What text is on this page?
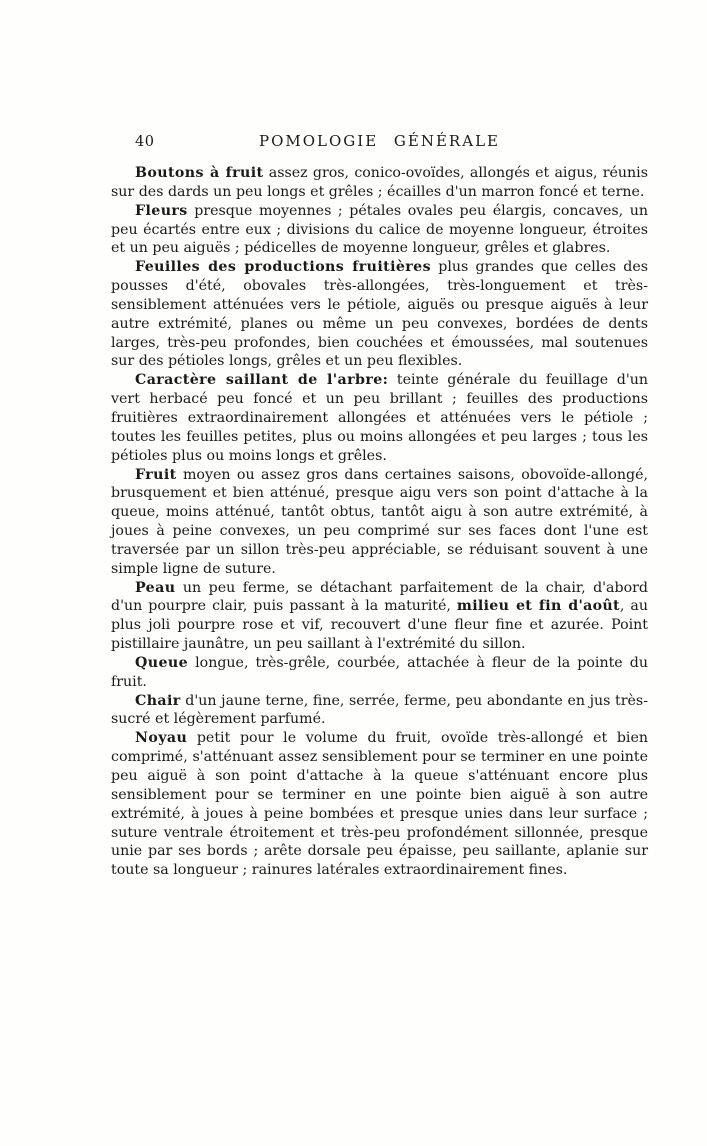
40	POMOLOGIE GÉNÉRALE

Boutons à fruit assez gros, conico-ovoïdes, allongés et aigus, réunis sur des dards un peu longs et grêles ; écailles d'un marron foncé et terne.

Fleurs presque moyennes ; pétales ovales peu élargis, concaves, un peu écartés entre eux ; divisions du calice de moyenne longueur, étroites et un peu aiguës ; pédicelles de moyenne longueur, grêles et glabres.

Feuilles des productions fruitières plus grandes que celles des pousses d'été, obovales très-allongées, très-longuement et très-sensiblement atténuées vers le pétiole, aiguës ou presque aiguës à leur autre extrémité, planes ou même un peu convexes, bordées de dents larges, très-peu profondes, bien couchées et émoussées, mal soutenues sur des pétioles longs, grêles et un peu flexibles.

Caractère saillant de l'arbre: teinte générale du feuillage d'un vert herbacé peu foncé et un peu brillant ; feuilles des productions fruitières extraordinairement allongées et atténuées vers le pétiole ; toutes les feuilles petites, plus ou moins allongées et peu larges ; tous les pétioles plus ou moins longs et grêles.

Fruit moyen ou assez gros dans certaines saisons, obovoïde-allongé, brusquement et bien atténué, presque aigu vers son point d'attache à la queue, moins atténué, tantôt obtus, tantôt aigu à son autre extrémité, à joues à peine convexes, un peu comprimé sur ses faces dont l'une est traversée par un sillon très-peu appréciable, se réduisant souvent à une simple ligne de suture.

Peau un peu ferme, se détachant parfaitement de la chair, d'abord d'un pourpre clair, puis passant à la maturité, milieu et fin d'août, au plus joli pourpre rose et vif, recouvert d'une fleur fine et azurée. Point pistillaire jaunâtre, un peu saillant à l'extrémité du sillon.

Queue longue, très-grêle, courbée, attachée à fleur de la pointe du fruit.

Chair d'un jaune terne, fine, serrée, ferme, peu abondante en jus très-sucré et légèrement parfumé.

Noyau petit pour le volume du fruit, ovoïde très-allongé et bien comprimé, s'atténuant assez sensiblement pour se terminer en une pointe peu aiguë à son point d'attache à la queue s'atténuant encore plus sensiblement pour se terminer en une pointe bien aiguë à son autre extrémité, à joues à peine bombées et presque unies dans leur surface ; suture ventrale étroitement et très-peu profondément sillonnée, presque unie par ses bords ; arête dorsale peu épaisse, peu saillante, aplanie sur toute sa longueur ; rainures latérales extraordinairement fines.
